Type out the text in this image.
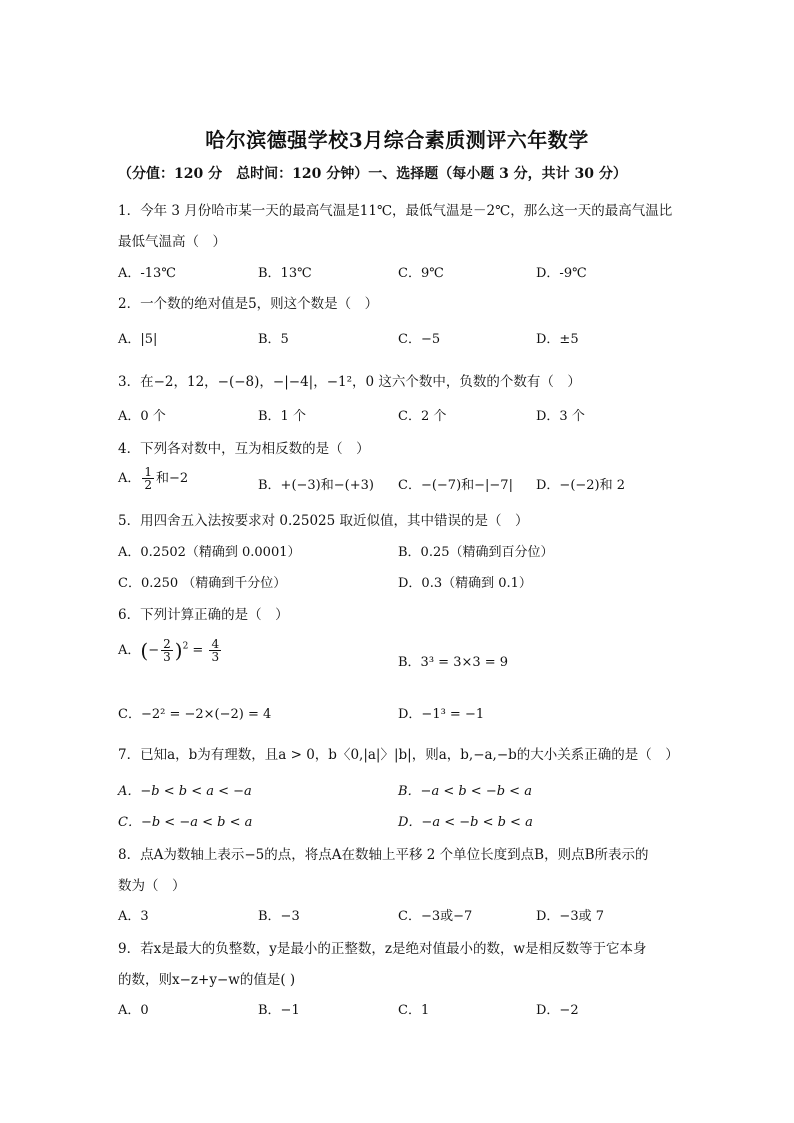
哈尔滨德强学校3月综合素质测评六年数学
（分值：120 分　总时间：120 分钟）一、选择题（每小题 3 分，共计 30 分）
1．今年 3 月份哈市某一天的最高气温是11℃，最低气温是－2℃，那么这一天的最高气温比
最低气温高（　）
A．-13℃	B．13℃	C．9℃	D．-9℃
2．一个数的绝对值是5，则这个数是（　）
A．|5|	B．5	C．−5	D．±5
3．在−2，12，−(−8)，−|−4|，−1²，0 这六个数中，负数的个数有（　）
A．0 个	B．1 个	C．2 个	D．3 个
4．下列各对数中，互为相反数的是（　）
A． $\frac{1}{2}$ 和−2	B．+(−3)和−(+3) C．−(−7)和−|−7| D．−(−2)和 2
5．用四舍五入法按要求对 0.25025 取近似值，其中错误的是（　）
A．0.2502（精确到 0.0001）	B．0.25（精确到百分位）
C．0.250 （精确到千分位）	D．0.3（精确到 0.1）
6．下列计算正确的是（　）
A．(− $\frac{2}{3} )^2 = \frac{4}{3}$	B．3³ = 3×3 = 9
C．−2² = −2×(−2) = 4	D．−1³ = −1
7．已知a，b为有理数，且a > 0，b〈0,|a|〉|b|，则a，b,−a,−b的大小关系正确的是（　）
A．−b < b < a < −a	B．−a < b < −b < a
C．−b < −a < b < a	D．−a < −b < b < a
8．点A为数轴上表示−5的点，将点A在数轴上平移 2 个单位长度到点B，则点B所表示的
数为（　）
A．3	B．−3	C．−3或−7	D．−3或 7
9．若x是最大的负整数，y是最小的正整数，z是绝对值最小的数，w是相反数等于它本身
的数，则x−z+y−w的值是( )
A．0	B．−1	C．1	D．−2
